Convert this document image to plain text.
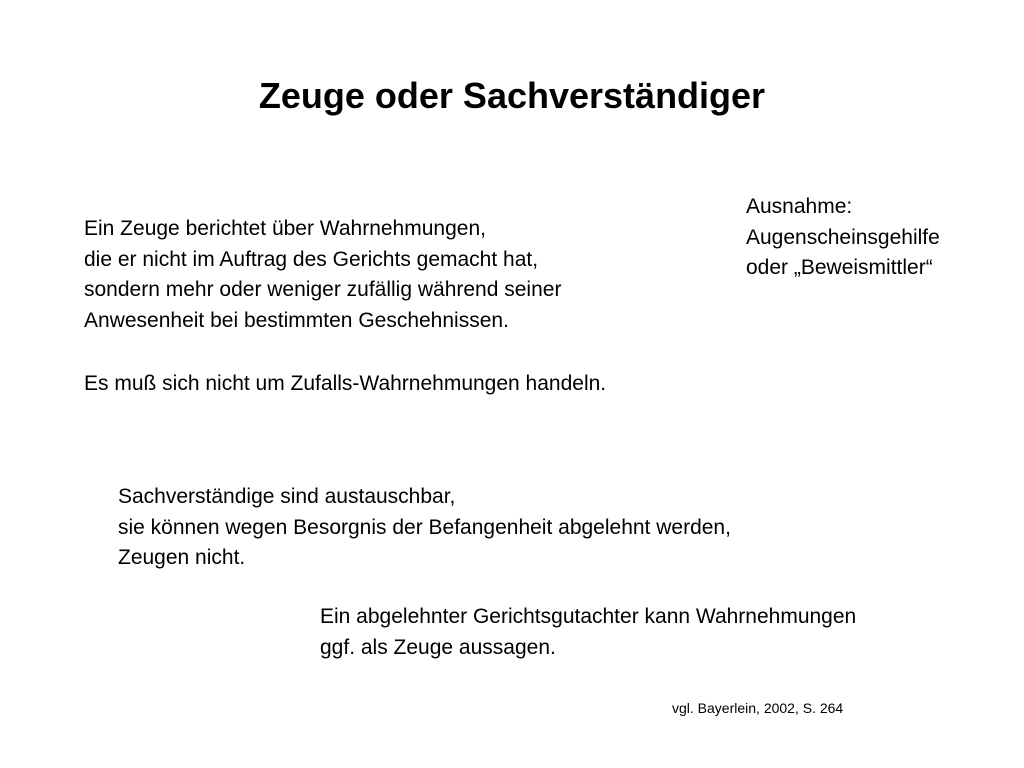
Zeuge oder Sachverständiger
Ein Zeuge berichtet über Wahrnehmungen,
die er nicht im Auftrag des Gerichts gemacht hat,
sondern mehr oder weniger zufällig während seiner
Anwesenheit bei bestimmten Geschehnissen.
Es muß sich nicht um Zufalls-Wahrnehmungen handeln.
Ausnahme:
Augenscheinsgehilfe
oder „Beweismittler“
Sachverständige sind austauschbar,
sie können wegen Besorgnis der Befangenheit abgelehnt werden,
Zeugen nicht.
Ein abgelehnter Gerichtsgutachter kann Wahrnehmungen
ggf. als Zeuge aussagen.
vgl. Bayerlein, 2002, S. 264
